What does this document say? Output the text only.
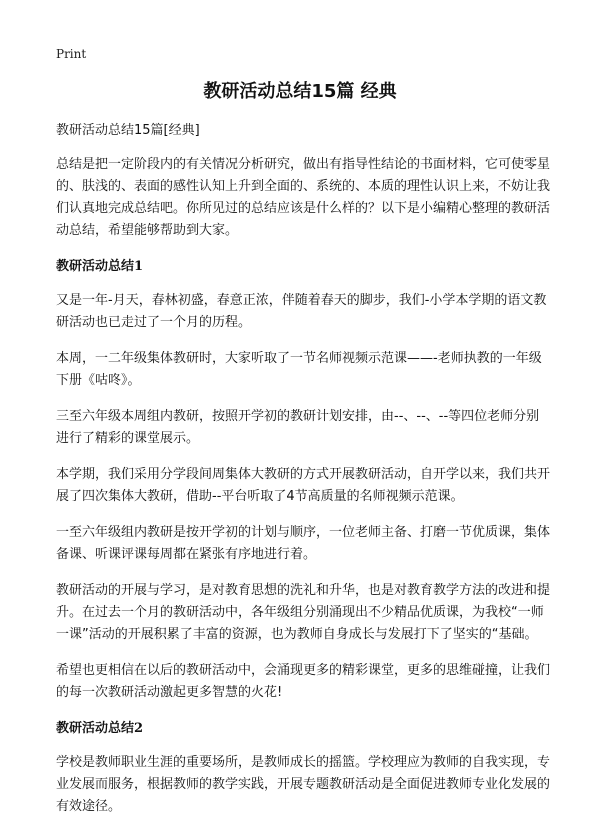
Print
教研活动总结15篇 经典

教研活动总结15篇[经典]

总结是把一定阶段内的有关情况分析研究，做出有指导性结论的书面材料，它可使零星的、肤浅的、表面的感性认知上升到全面的、系统的、本质的理性认识上来，不妨让我们认真地完成总结吧。你所见过的总结应该是什么样的？以下是小编精心整理的教研活动总结，希望能够帮助到大家。

教研活动总结1

又是一年-月天，春林初盛，春意正浓，伴随着春天的脚步，我们-小学本学期的语文教研活动也已走过了一个月的历程。

本周，一二年级集体教研时，大家听取了一节名师视频示范课——-老师执教的一年级下册《咕咚》。

三至六年级本周组内教研，按照开学初的教研计划安排，由--、--、--等四位老师分别进行了精彩的课堂展示。

本学期，我们采用分学段间周集体大教研的方式开展教研活动，自开学以来，我们共开展了四次集体大教研，借助--平台听取了4节高质量的名师视频示范课。

一至六年级组内教研是按开学初的计划与顺序，一位老师主备、打磨一节优质课，集体备课、听课评课每周都在紧张有序地进行着。

教研活动的开展与学习，是对教育思想的洗礼和升华，也是对教育教学方法的改进和提升。在过去一个月的教研活动中，各年级组分别涌现出不少精品优质课，为我校“一师一课”活动的开展积累了丰富的资源，也为教师自身成长与发展打下了坚实的“基础。

希望也更相信在以后的教研活动中，会涌现更多的精彩课堂，更多的思维碰撞，让我们的每一次教研活动激起更多智慧的火花!

教研活动总结2

学校是教师职业生涯的重要场所，是教师成长的摇篮。学校理应为教师的自我实现，专业发展而服务，根据教师的教学实践，开展专题教研活动是全面促进教师专业化发展的有效途径。
